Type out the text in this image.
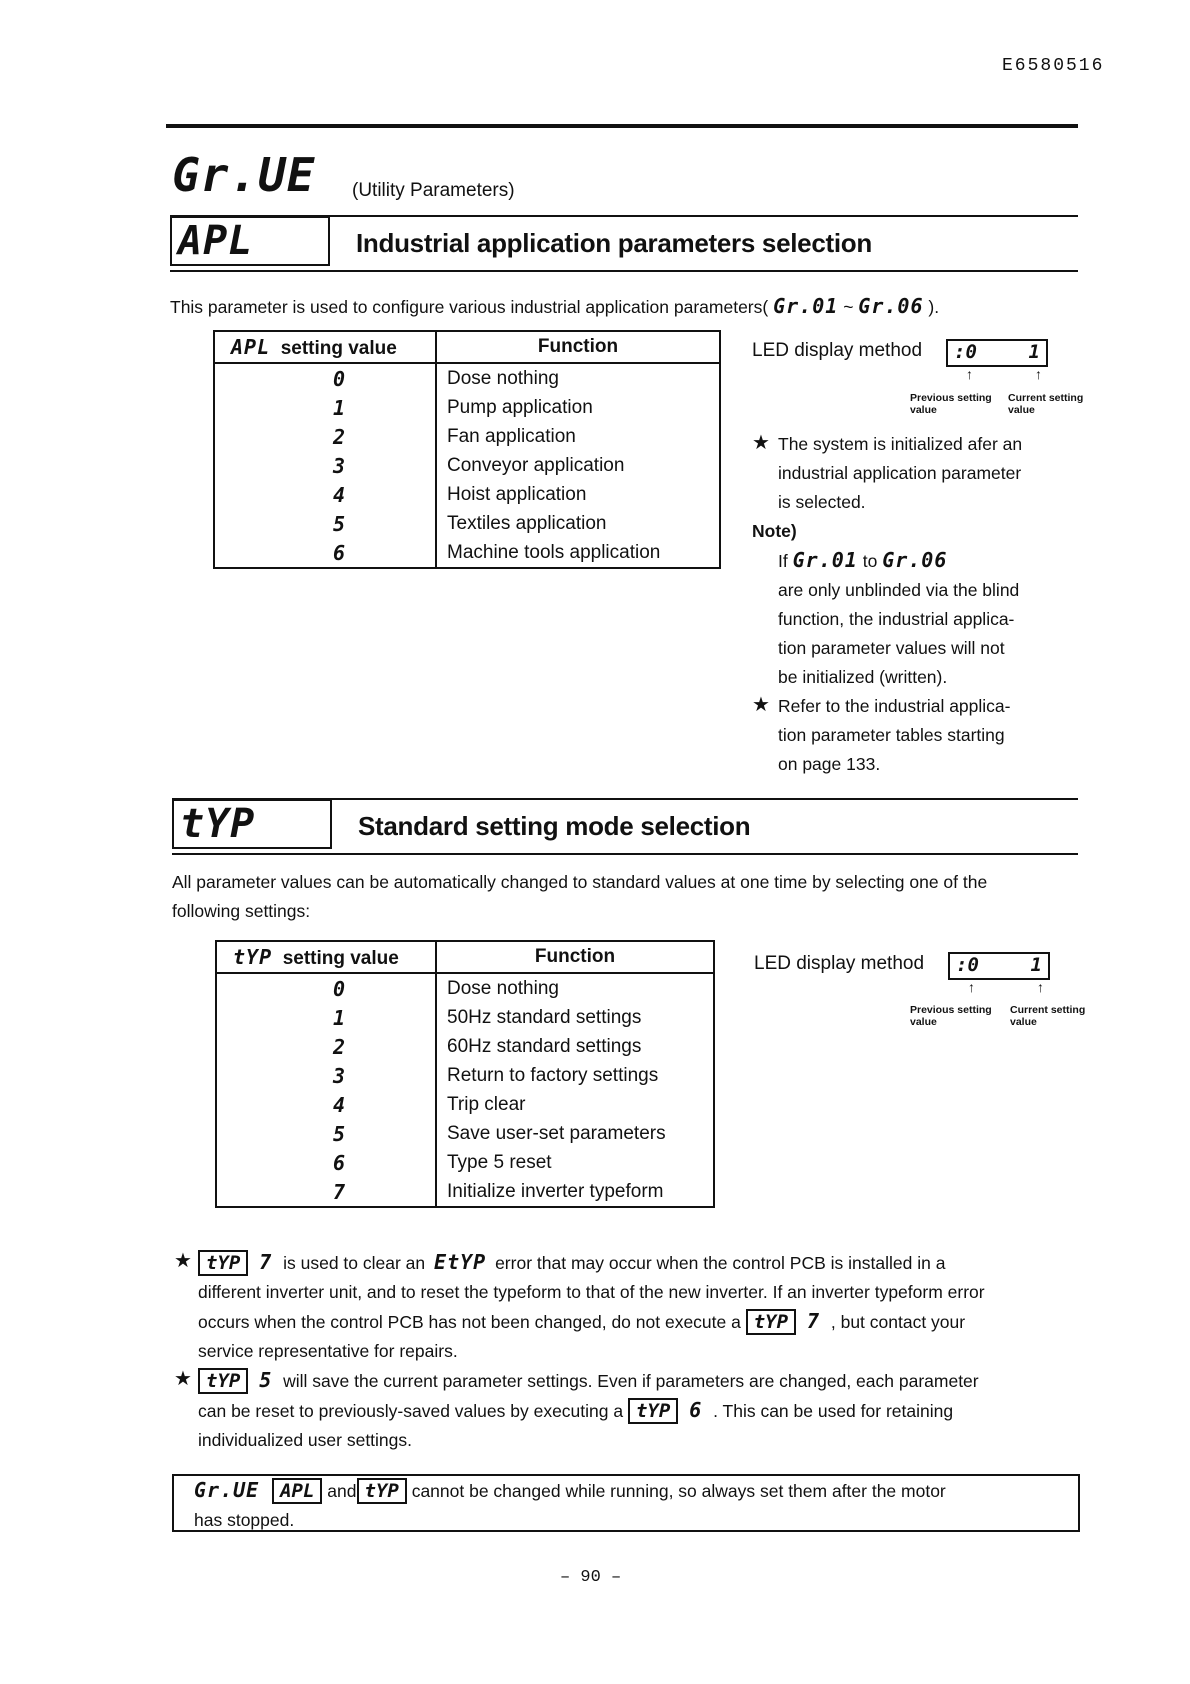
E6580516
Gr.UE (Utility Parameters)
APL	Industrial application parameters selection
This parameter is used to configure various industrial application parameters( Gr.01 ~ Gr.06 ).
APL setting value	Function
0	Dose nothing
1	Pump application
2	Fan application
3	Conveyor application
4	Hoist application
5	Textiles application
6	Machine tools application
LED display method :0	1
↑	↑
Previous setting
value
Current setting
value
★ The system is initialized afer an
industrial application parameter
is selected.
Note)
If Gr.01 to Gr.06
are only unblinded via the blind
function, the industrial applica-
tion parameter values will not
be initialized (written).
★ Refer to the industrial applica-
tion parameter tables starting
on page 133.
tYP	Standard setting mode selection
All parameter values can be automatically changed to standard values at one time by selecting one of the
following settings:
tYP setting value	Function
0	Dose nothing
1	50Hz standard settings
2	60Hz standard settings
3	Return to factory settings
4	Trip clear
5	Save user-set parameters
6	Type 5 reset
7	Initialize inverter typeform
LED display method :0	1
↑	↑
Previous setting
value
Current setting
value
★ tYP 7 is used to clear an EtYP error that may occur when the control PCB is installed in a
different inverter unit, and to reset the typeform to that of the new inverter. If an inverter typeform error
occurs when the control PCB has not been changed, do not execute a tYP 7 , but contact your
service representative for repairs.
★ tYP 5 will save the current parameter settings. Even if parameters are changed, each parameter
can be reset to previously-saved values by executing a tYP 6 . This can be used for retaining
individualized user settings.
Gr.UE APL and tYP cannot be changed while running, so always set them after the motor
has stopped.
– 90 –
